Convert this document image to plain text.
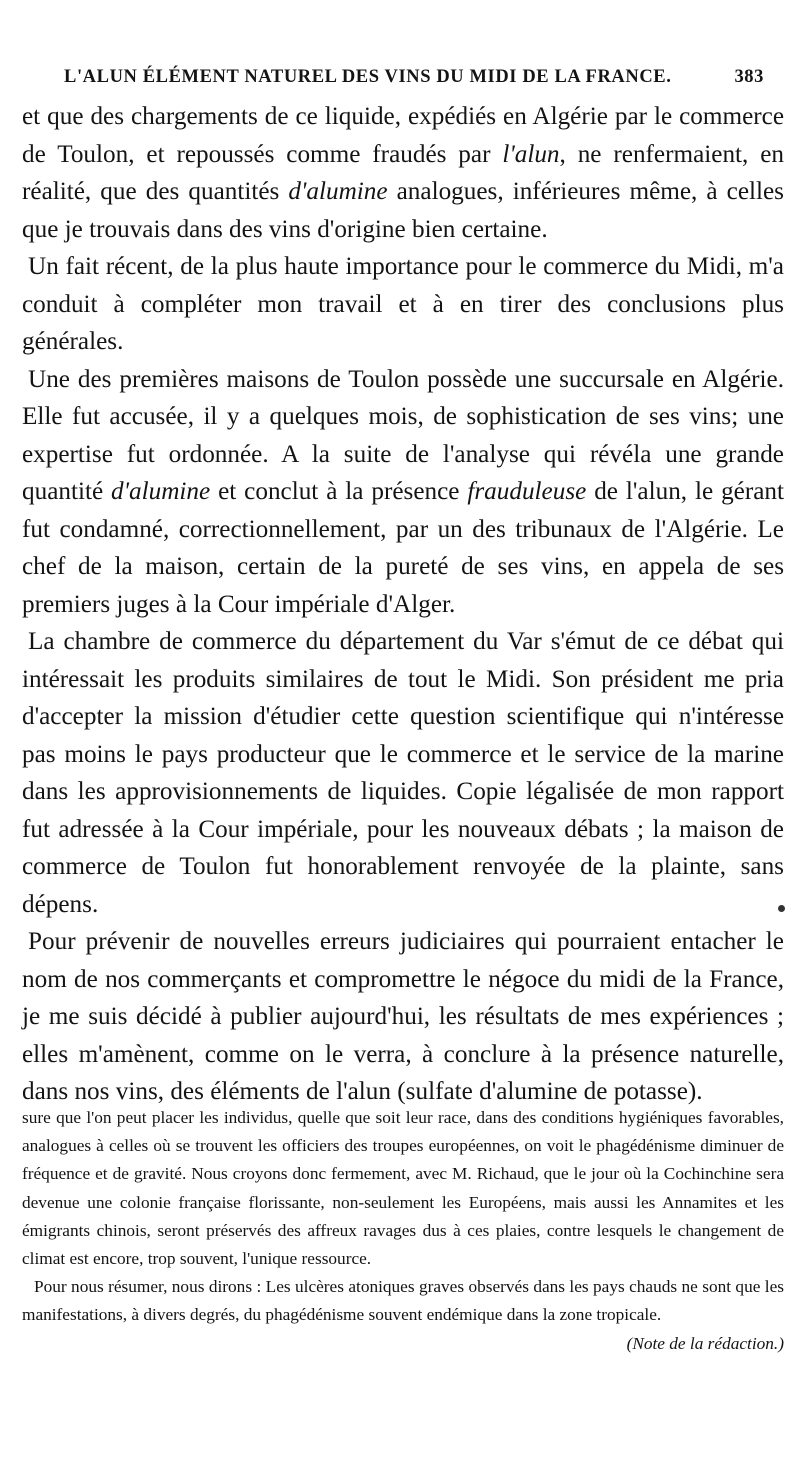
L'ALUN ÉLÉMENT NATUREL DES VINS DU MIDI DE LA FRANCE.	383

et que des chargements de ce liquide, expédiés en Algérie par le commerce de Toulon, et repoussés comme fraudés par l'alun, ne renfermaient, en réalité, que des quantités d'alumine analogues, inférieures même, à celles que je trouvais dans des vins d'origine bien certaine.

Un fait récent, de la plus haute importance pour le commerce du Midi, m'a conduit à compléter mon travail et à en tirer des conclusions plus générales.

Une des premières maisons de Toulon possède une succursale en Algérie. Elle fut accusée, il y a quelques mois, de sophistication de ses vins; une expertise fut ordonnée. A la suite de l'analyse qui révéla une grande quantité d'alumine et conclut à la présence frauduleuse de l'alun, le gérant fut condamné, correctionnellement, par un des tribunaux de l'Algérie. Le chef de la maison, certain de la pureté de ses vins, en appela de ses premiers juges à la Cour impériale d'Alger.

La chambre de commerce du département du Var s'émut de ce débat qui intéressait les produits similaires de tout le Midi. Son président me pria d'accepter la mission d'étudier cette question scientifique qui n'intéresse pas moins le pays producteur que le commerce et le service de la marine dans les approvisionnements de liquides. Copie légalisée de mon rapport fut adressée à la Cour impériale, pour les nouveaux débats ; la maison de commerce de Toulon fut honorablement renvoyée de la plainte, sans dépens.

Pour prévenir de nouvelles erreurs judiciaires qui pourraient entacher le nom de nos commerçants et compromettre le négoce du midi de la France, je me suis décidé à publier aujourd'hui, les résultats de mes expériences ; elles m'amènent, comme on le verra, à conclure à la présence naturelle, dans nos vins, des éléments de l'alun (sulfate d'alumine de potasse).

sure que l'on peut placer les individus, quelle que soit leur race, dans des conditions hygiéniques favorables, analogues à celles où se trouvent les officiers des troupes européennes, on voit le phagédénisme diminuer de fréquence et de gravité. Nous croyons donc fermement, avec M. Richaud, que le jour où la Cochinchine sera devenue une colonie française florissante, non-seulement les Européens, mais aussi les Annamites et les émigrants chinois, seront préservés des affreux ravages dus à ces plaies, contre lesquels le changement de climat est encore, trop souvent, l'unique ressource.

Pour nous résumer, nous dirons : Les ulcères atoniques graves observés dans les pays chauds ne sont que les manifestations, à divers degrés, du phagédénisme souvent endémique dans la zone tropicale.
(Note de la rédaction.)
